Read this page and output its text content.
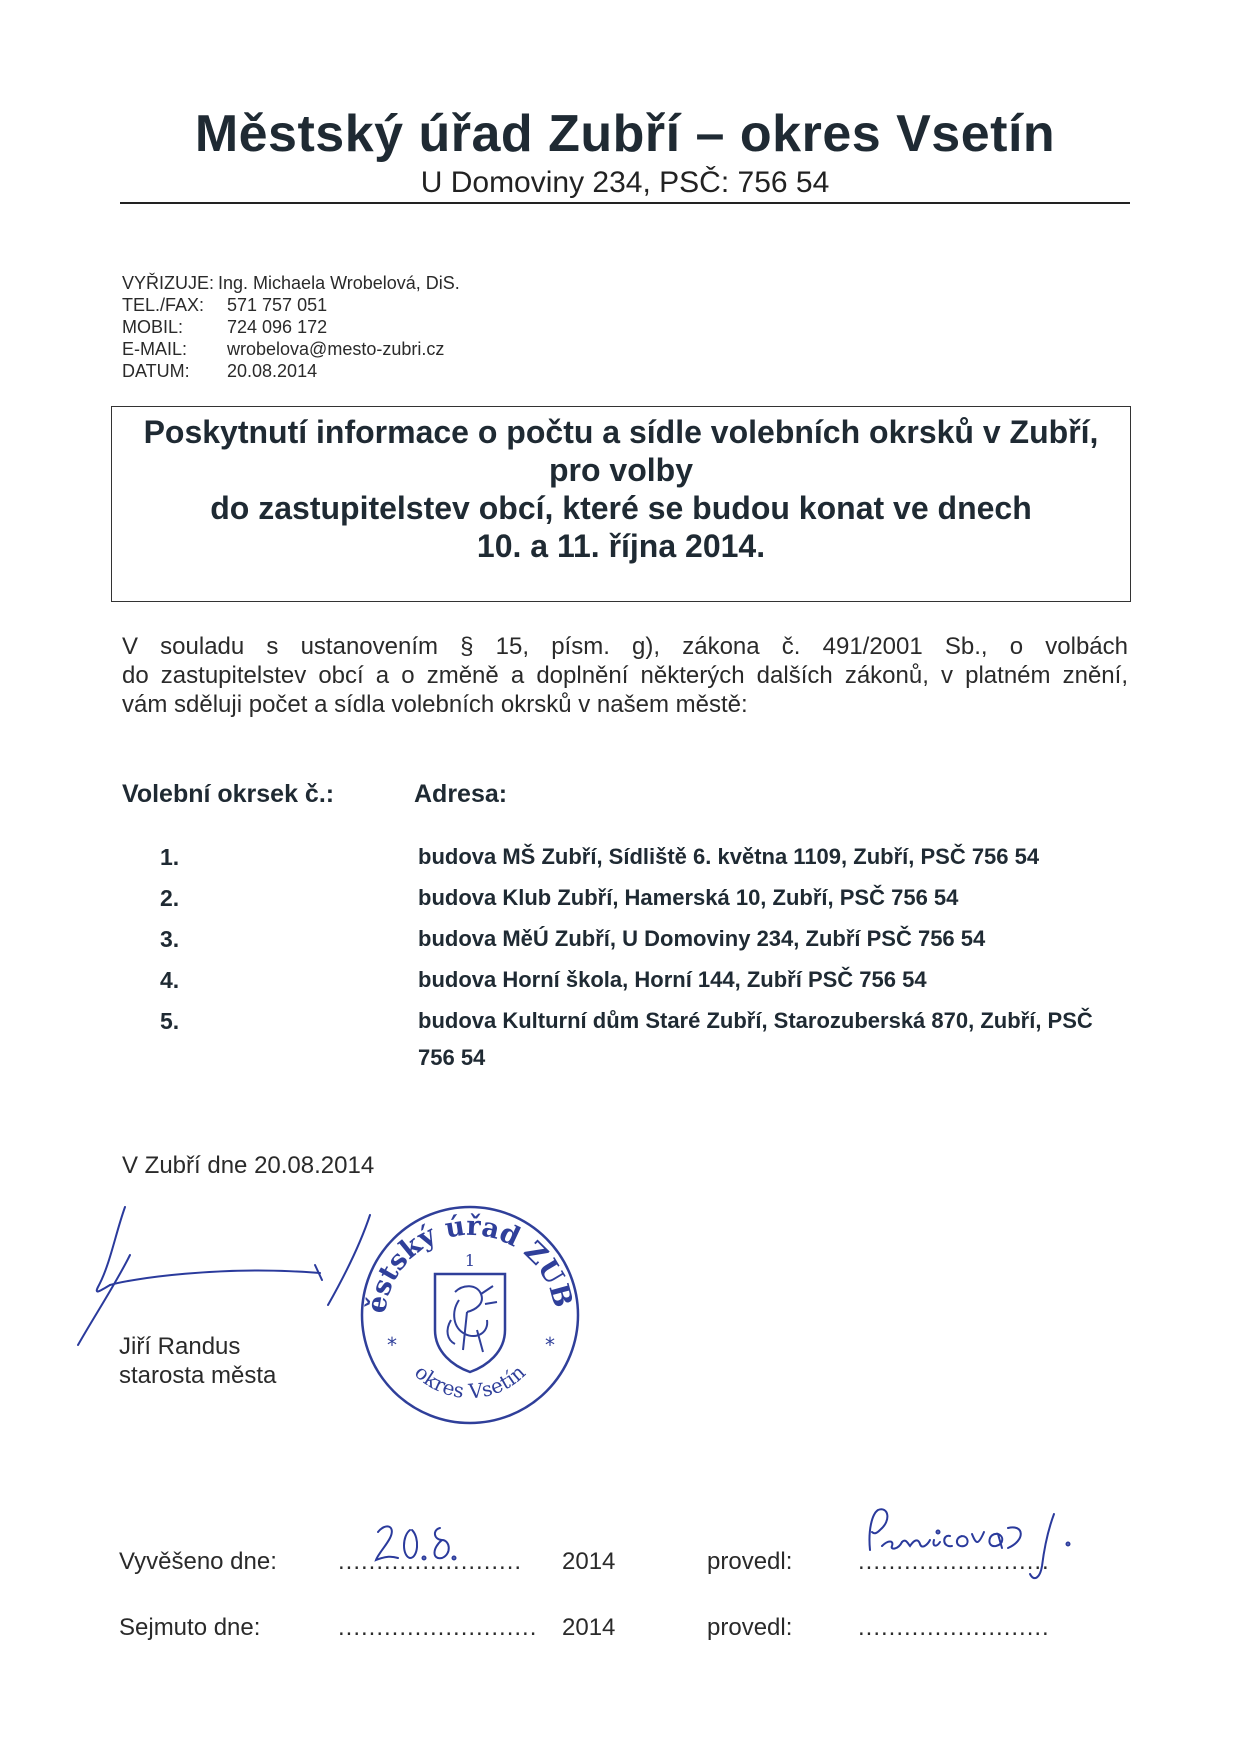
Městský úřad Zubří – okres Vsetín
U Domoviny 234, PSČ: 756 54
VYŘIZUJE: Ing. Michaela Wrobelová, DiS.
TEL./FAX: 571 757 051
MOBIL: 724 096 172
E-MAIL: wrobelova@mesto-zubri.cz
DATUM: 20.08.2014
Poskytnutí informace o počtu a sídle volebních okrsků v Zubří,
pro volby
do zastupitelstev obcí, které se budou konat ve dnech
10. a 11. října 2014.
V souladu s ustanovením § 15, písm. g), zákona č. 491/2001 Sb., o volbách
do zastupitelstev obcí a o změně a doplnění některých dalších zákonů, v platném znění,
vám sděluji počet a sídla volebních okrsků v našem městě:
Volební okrsek č.:	Adresa:
1.	budova MŠ Zubří, Sídliště 6. května 1109, Zubří, PSČ 756 54
2.	budova Klub Zubří, Hamerská 10, Zubří, PSČ 756 54
3.	budova MěÚ Zubří, U Domoviny 234, Zubří PSČ 756 54
4.	budova Horní škola, Horní 144, Zubří PSČ 756 54
5.	budova Kulturní dům Staré Zubří, Starozuberská 870, Zubří, PSČ 756 54
V Zubří dne 20.08.2014
Jiří Randus
starosta města
ěstský úřad ZUB
okres Vsetín
*	*
1
Vyvěšeno dne:	........................ 2014	provedl:	.........................
Sejmuto dne:	.......................... 2014	provedl:	.........................
